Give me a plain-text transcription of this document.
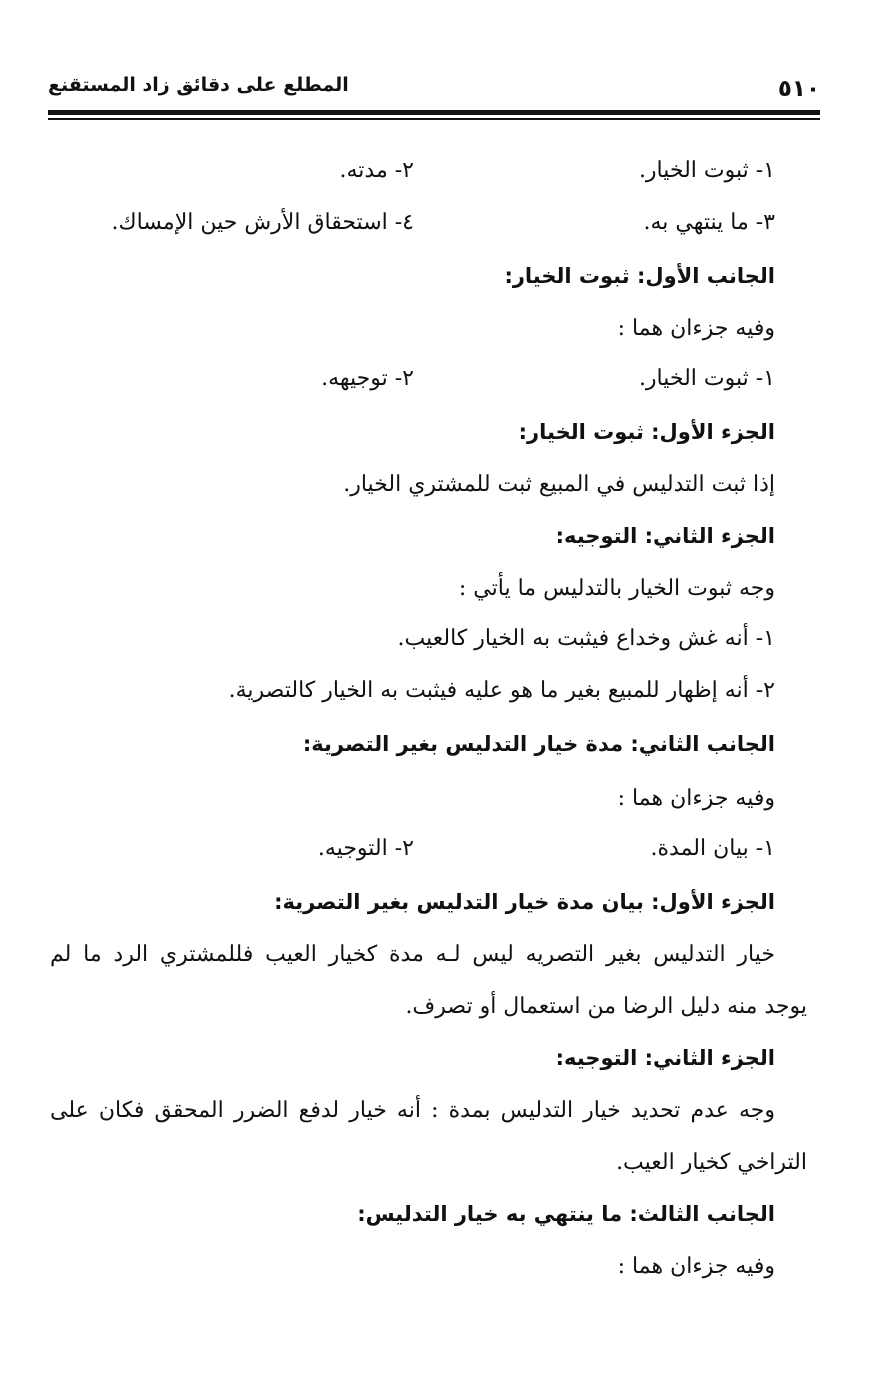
٥١٠
المطلع على دقائق زاد المستقنع
١- ثبوت الخيار.
٢- مدته.
٣- ما ينتهي به.
٤- استحقاق الأرش حين الإمساك.
الجانب الأول: ثبوت الخيار:
وفيه جزءان هما :
١- ثبوت الخيار.
٢- توجيهه.
الجزء الأول: ثبوت الخيار:
إذا ثبت التدليس في المبيع ثبت للمشتري الخيار.
الجزء الثاني: التوجيه:
وجه ثبوت الخيار بالتدليس ما يأتي :
١- أنه غش وخداع فيثبت به الخيار كالعيب.
٢- أنه إظهار للمبيع بغير ما هو عليه فيثبت به الخيار كالتصرية.
الجانب الثاني: مدة خيار التدليس بغير التصرية:
وفيه جزءان هما :
١- بيان المدة.
٢- التوجيه.
الجزء الأول: بيان مدة خيار التدليس بغير التصرية:
خيار التدليس بغير التصريه ليس لـه مدة كخيار العيب فللمشتري الرد ما لم
يوجد منه دليل الرضا من استعمال أو تصرف.
الجزء الثاني: التوجيه:
وجه عدم تحديد خيار التدليس بمدة : أنه خيار لدفع الضرر المحقق فكان على
التراخي كخيار العيب.
الجانب الثالث: ما ينتهي به خيار التدليس:
وفيه جزءان هما :
